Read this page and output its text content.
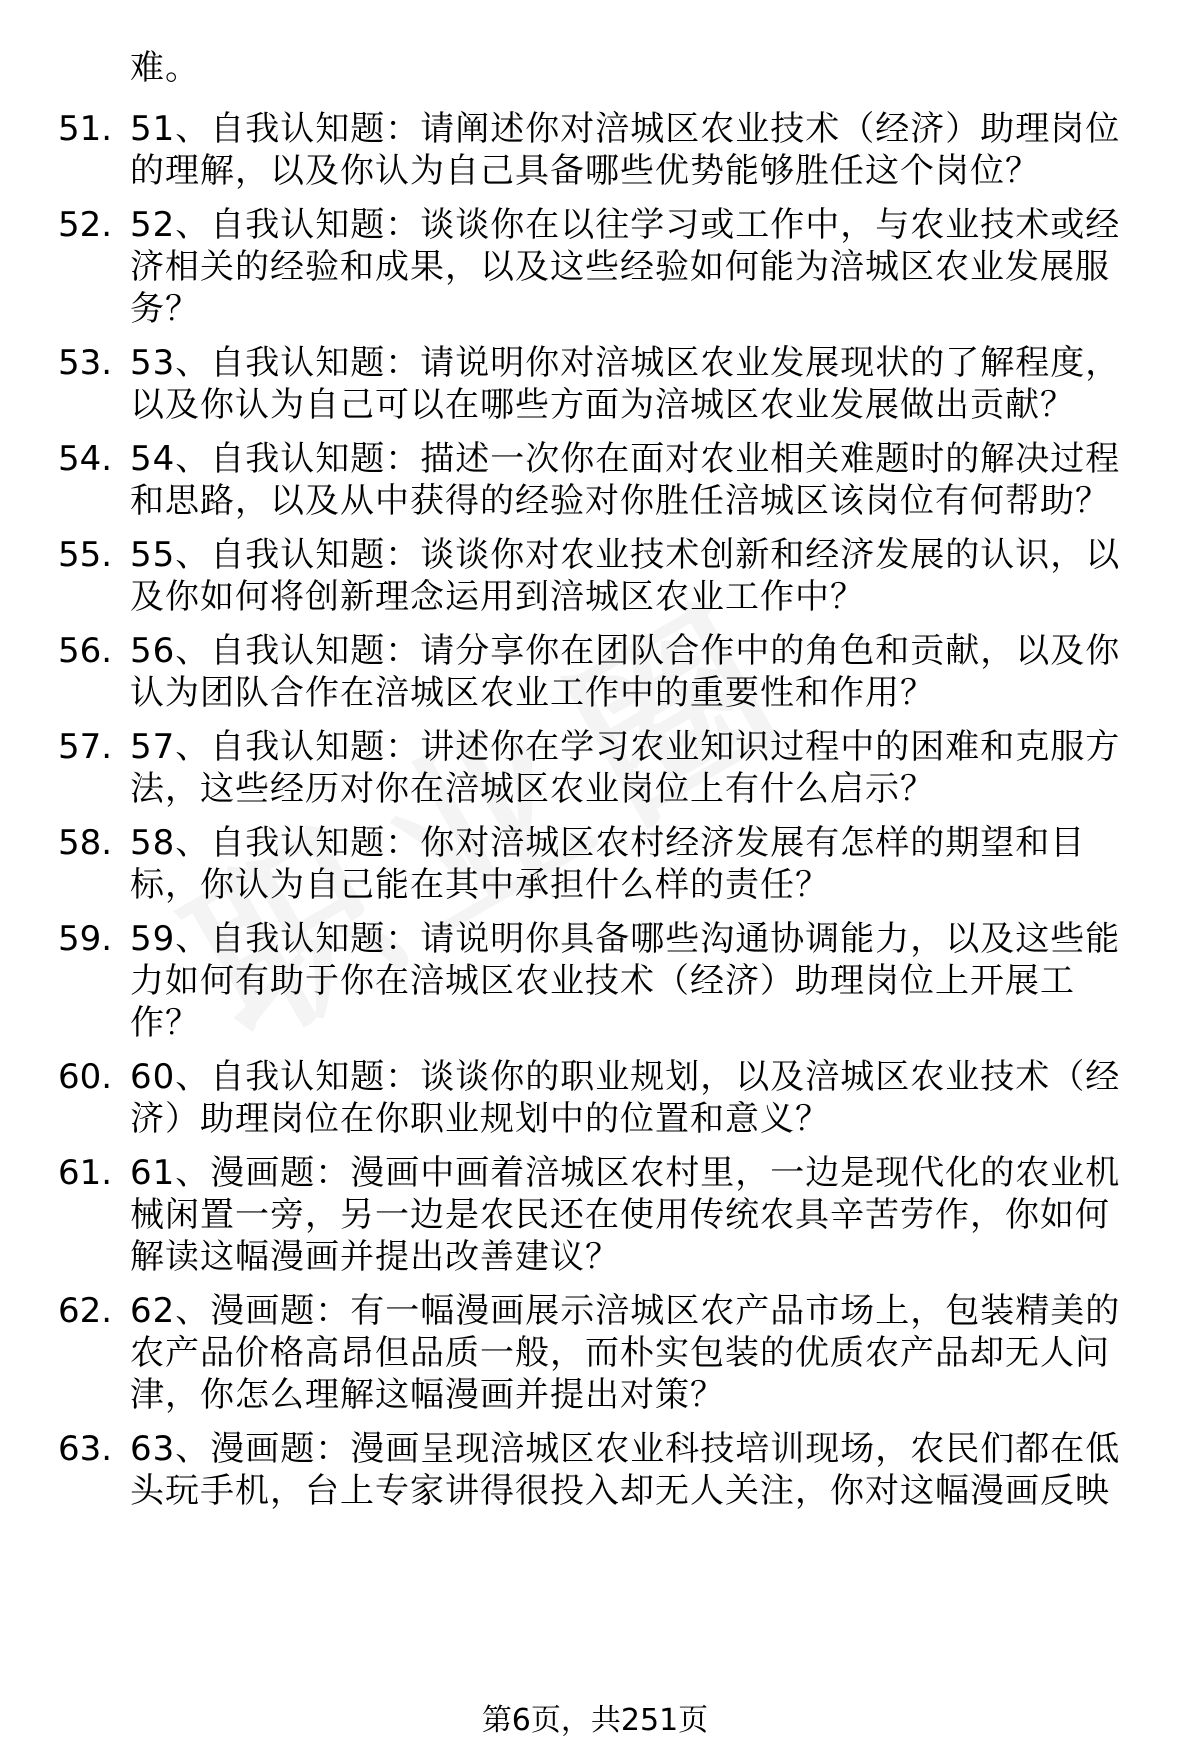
难。
51. 51、自我认知题：请阐述你对涪城区农业技术（经济）助理岗位
的理解，以及你认为自己具备哪些优势能够胜任这个岗位？
52. 52、自我认知题：谈谈你在以往学习或工作中，与农业技术或经
济相关的经验和成果，以及这些经验如何能为涪城区农业发展服
务？
53. 53、自我认知题：请说明你对涪城区农业发展现状的了解程度，
以及你认为自己可以在哪些方面为涪城区农业发展做出贡献？
54. 54、自我认知题：描述一次你在面对农业相关难题时的解决过程
和思路，以及从中获得的经验对你胜任涪城区该岗位有何帮助？
55. 55、自我认知题：谈谈你对农业技术创新和经济发展的认识，以
及你如何将创新理念运用到涪城区农业工作中？
56. 56、自我认知题：请分享你在团队合作中的角色和贡献，以及你
认为团队合作在涪城区农业工作中的重要性和作用？
57. 57、自我认知题：讲述你在学习农业知识过程中的困难和克服方
法，这些经历对你在涪城区农业岗位上有什么启示？
58. 58、自我认知题：你对涪城区农村经济发展有怎样的期望和目
标，你认为自己能在其中承担什么样的责任？
59. 59、自我认知题：请说明你具备哪些沟通协调能力，以及这些能
力如何有助于你在涪城区农业技术（经济）助理岗位上开展工
作？
60. 60、自我认知题：谈谈你的职业规划，以及涪城区农业技术（经
济）助理岗位在你职业规划中的位置和意义？
61. 61、漫画题：漫画中画着涪城区农村里，一边是现代化的农业机
械闲置一旁，另一边是农民还在使用传统农具辛苦劳作，你如何
解读这幅漫画并提出改善建议？
62. 62、漫画题：有一幅漫画展示涪城区农产品市场上，包装精美的
农产品价格高昂但品质一般，而朴实包装的优质农产品却无人问
津，你怎么理解这幅漫画并提出对策？
63. 63、漫画题：漫画呈现涪城区农业科技培训现场，农民们都在低
头玩手机，台上专家讲得很投入却无人关注，你对这幅漫画反映
第6页，共251页
